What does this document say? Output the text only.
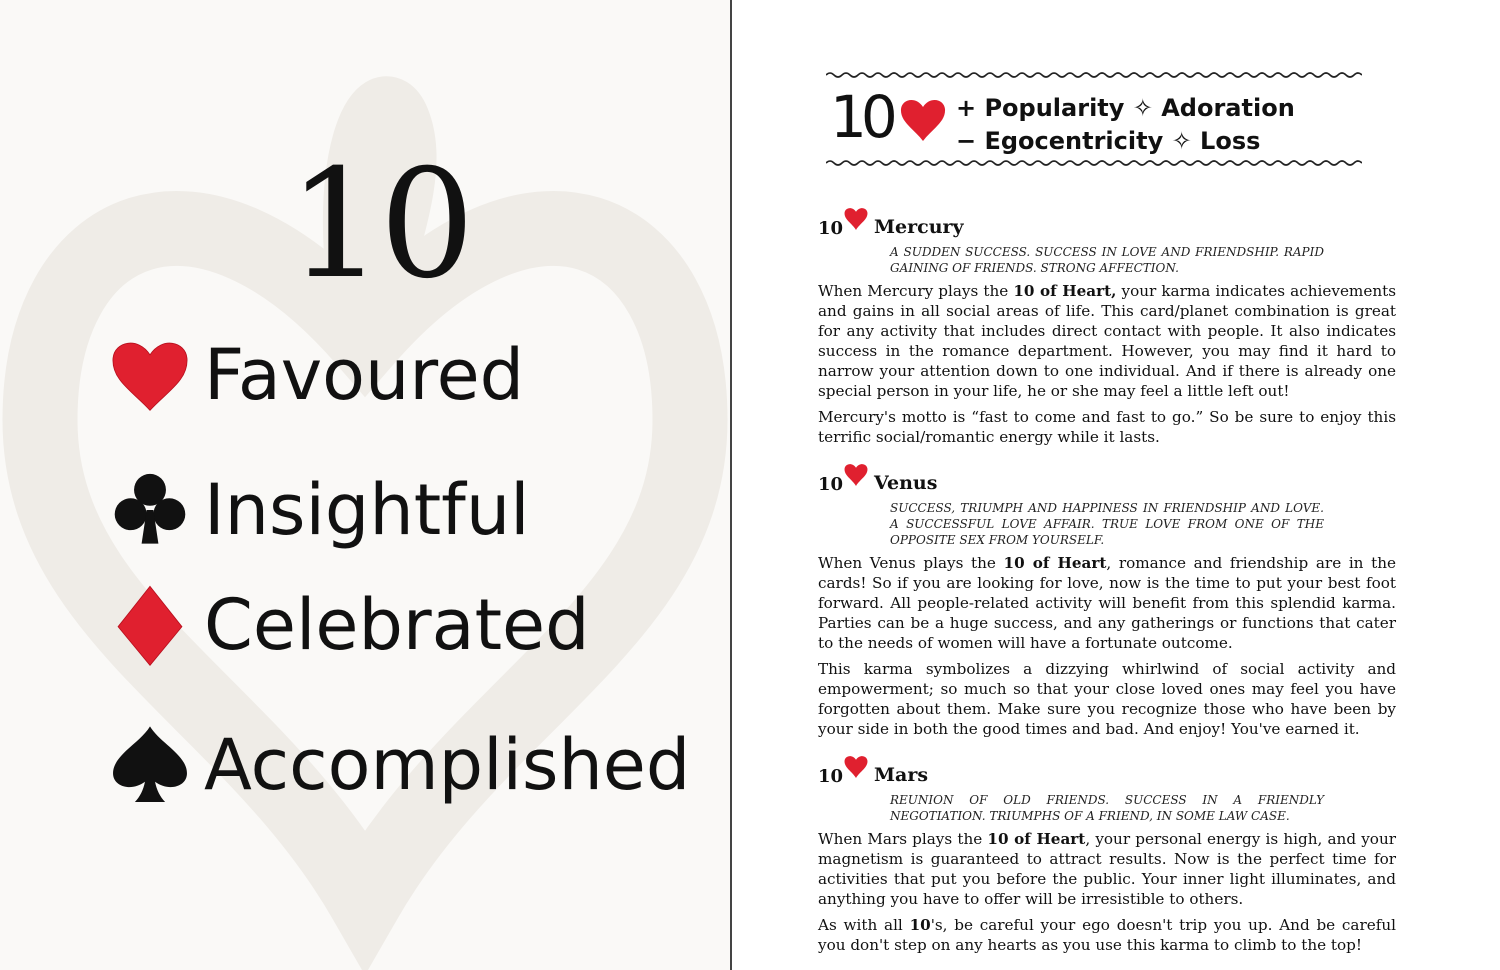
10
Favoured
Insightful
Celebrated
Accomplished
10	+ Popularity ✧ Adoration
− Egocentricity ✧ Loss
10 Mercury
A SUDDEN SUCCESS. SUCCESS IN LOVE AND FRIENDSHIP. RAPID GAINING OF FRIENDS. STRONG AFFECTION.

When Mercury plays the 10 of Heart, your karma indicates achievements and gains in all social areas of life. This card/planet combination is great for any activity that includes direct contact with people. It also indicates success in the romance department. However, you may find it hard to narrow your attention down to one individual. And if there is already one special person in your life, he or she may feel a little left out!

Mercury's motto is “fast to come and fast to go.” So be sure to enjoy this terrific social/romantic energy while it lasts.

10 Venus
SUCCESS, TRIUMPH AND HAPPINESS IN FRIENDSHIP AND LOVE. A SUCCESSFUL LOVE AFFAIR. TRUE LOVE FROM ONE OF THE OPPOSITE SEX FROM YOURSELF.

When Venus plays the 10 of Heart, romance and friendship are in the cards! So if you are looking for love, now is the time to put your best foot forward. All people-related activity will benefit from this splendid karma. Parties can be a huge success, and any gatherings or functions that cater to the needs of women will have a fortunate outcome.

This karma symbolizes a dizzying whirlwind of social activity and empowerment; so much so that your close loved ones may feel you have forgotten about them. Make sure you recognize those who have been by your side in both the good times and bad. And enjoy! You've earned it.

10 Mars
REUNION OF OLD FRIENDS. SUCCESS IN A FRIENDLY NEGOTIATION. TRIUMPHS OF A FRIEND, IN SOME LAW CASE.

When Mars plays the 10 of Heart, your personal energy is high, and your magnetism is guaranteed to attract results. Now is the perfect time for activities that put you before the public. Your inner light illuminates, and anything you have to offer will be irresistible to others.

As with all 10's, be careful your ego doesn't trip you up. And be careful you don't step on any hearts as you use this karma to climb to the top!
